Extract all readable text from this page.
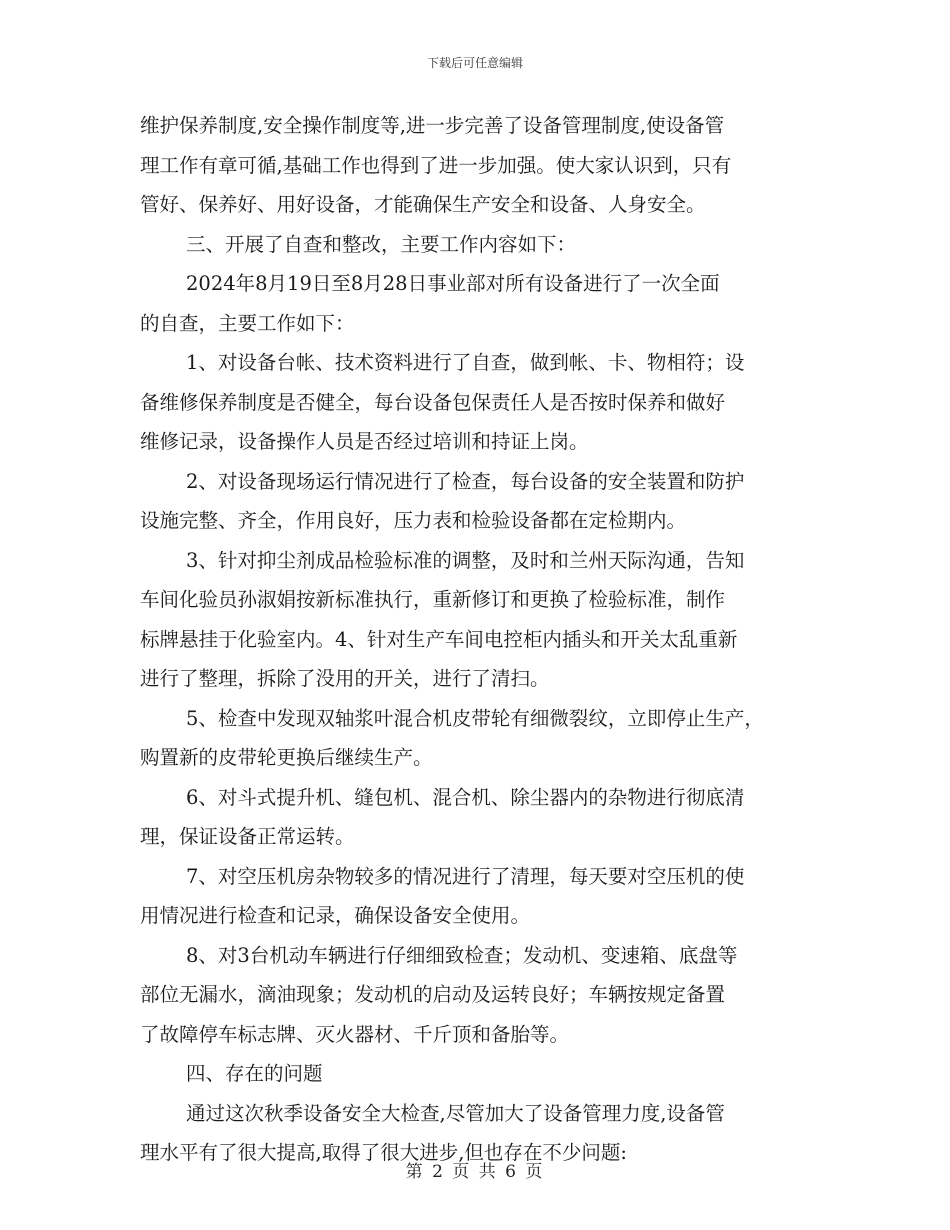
下载后可任意编辑

维护保养制度,安全操作制度等,进一步完善了设备管理制度,使设备管
理工作有章可循,基础工作也得到了进一步加强。使大家认识到，只有
管好、保养好、用好设备，才能确保生产安全和设备、人身安全。
三、开展了自查和整改，主要工作内容如下：
2024年8月19日至8月28日事业部对所有设备进行了一次全面
的自查，主要工作如下：
1、对设备台帐、技术资料进行了自查，做到帐、卡、物相符；设
备维修保养制度是否健全，每台设备包保责任人是否按时保养和做好
维修记录，设备操作人员是否经过培训和持证上岗。
2、对设备现场运行情况进行了检查，每台设备的安全装置和防护
设施完整、齐全，作用良好，压力表和检验设备都在定检期内。
3、针对抑尘剂成品检验标准的调整，及时和兰州天际沟通，告知
车间化验员孙淑娟按新标准执行，重新修订和更换了检验标准，制作
标牌悬挂于化验室内。4、针对生产车间电控柜内插头和开关太乱重新
进行了整理，拆除了没用的开关，进行了清扫。
5、检查中发现双轴浆叶混合机皮带轮有细微裂纹，立即停止生产，
购置新的皮带轮更换后继续生产。
6、对斗式提升机、缝包机、混合机、除尘器内的杂物进行彻底清
理，保证设备正常运转。
7、对空压机房杂物较多的情况进行了清理，每天要对空压机的使
用情况进行检查和记录，确保设备安全使用。
8、对3台机动车辆进行仔细细致检查；发动机、变速箱、底盘等
部位无漏水，滴油现象；发动机的启动及运转良好；车辆按规定备置
了故障停车标志牌、灭火器材、千斤顶和备胎等。
四、存在的问题
通过这次秋季设备安全大检查,尽管加大了设备管理力度,设备管
理水平有了很大提高,取得了很大进步,但也存在不少问题:

第 2 页 共 6 页
